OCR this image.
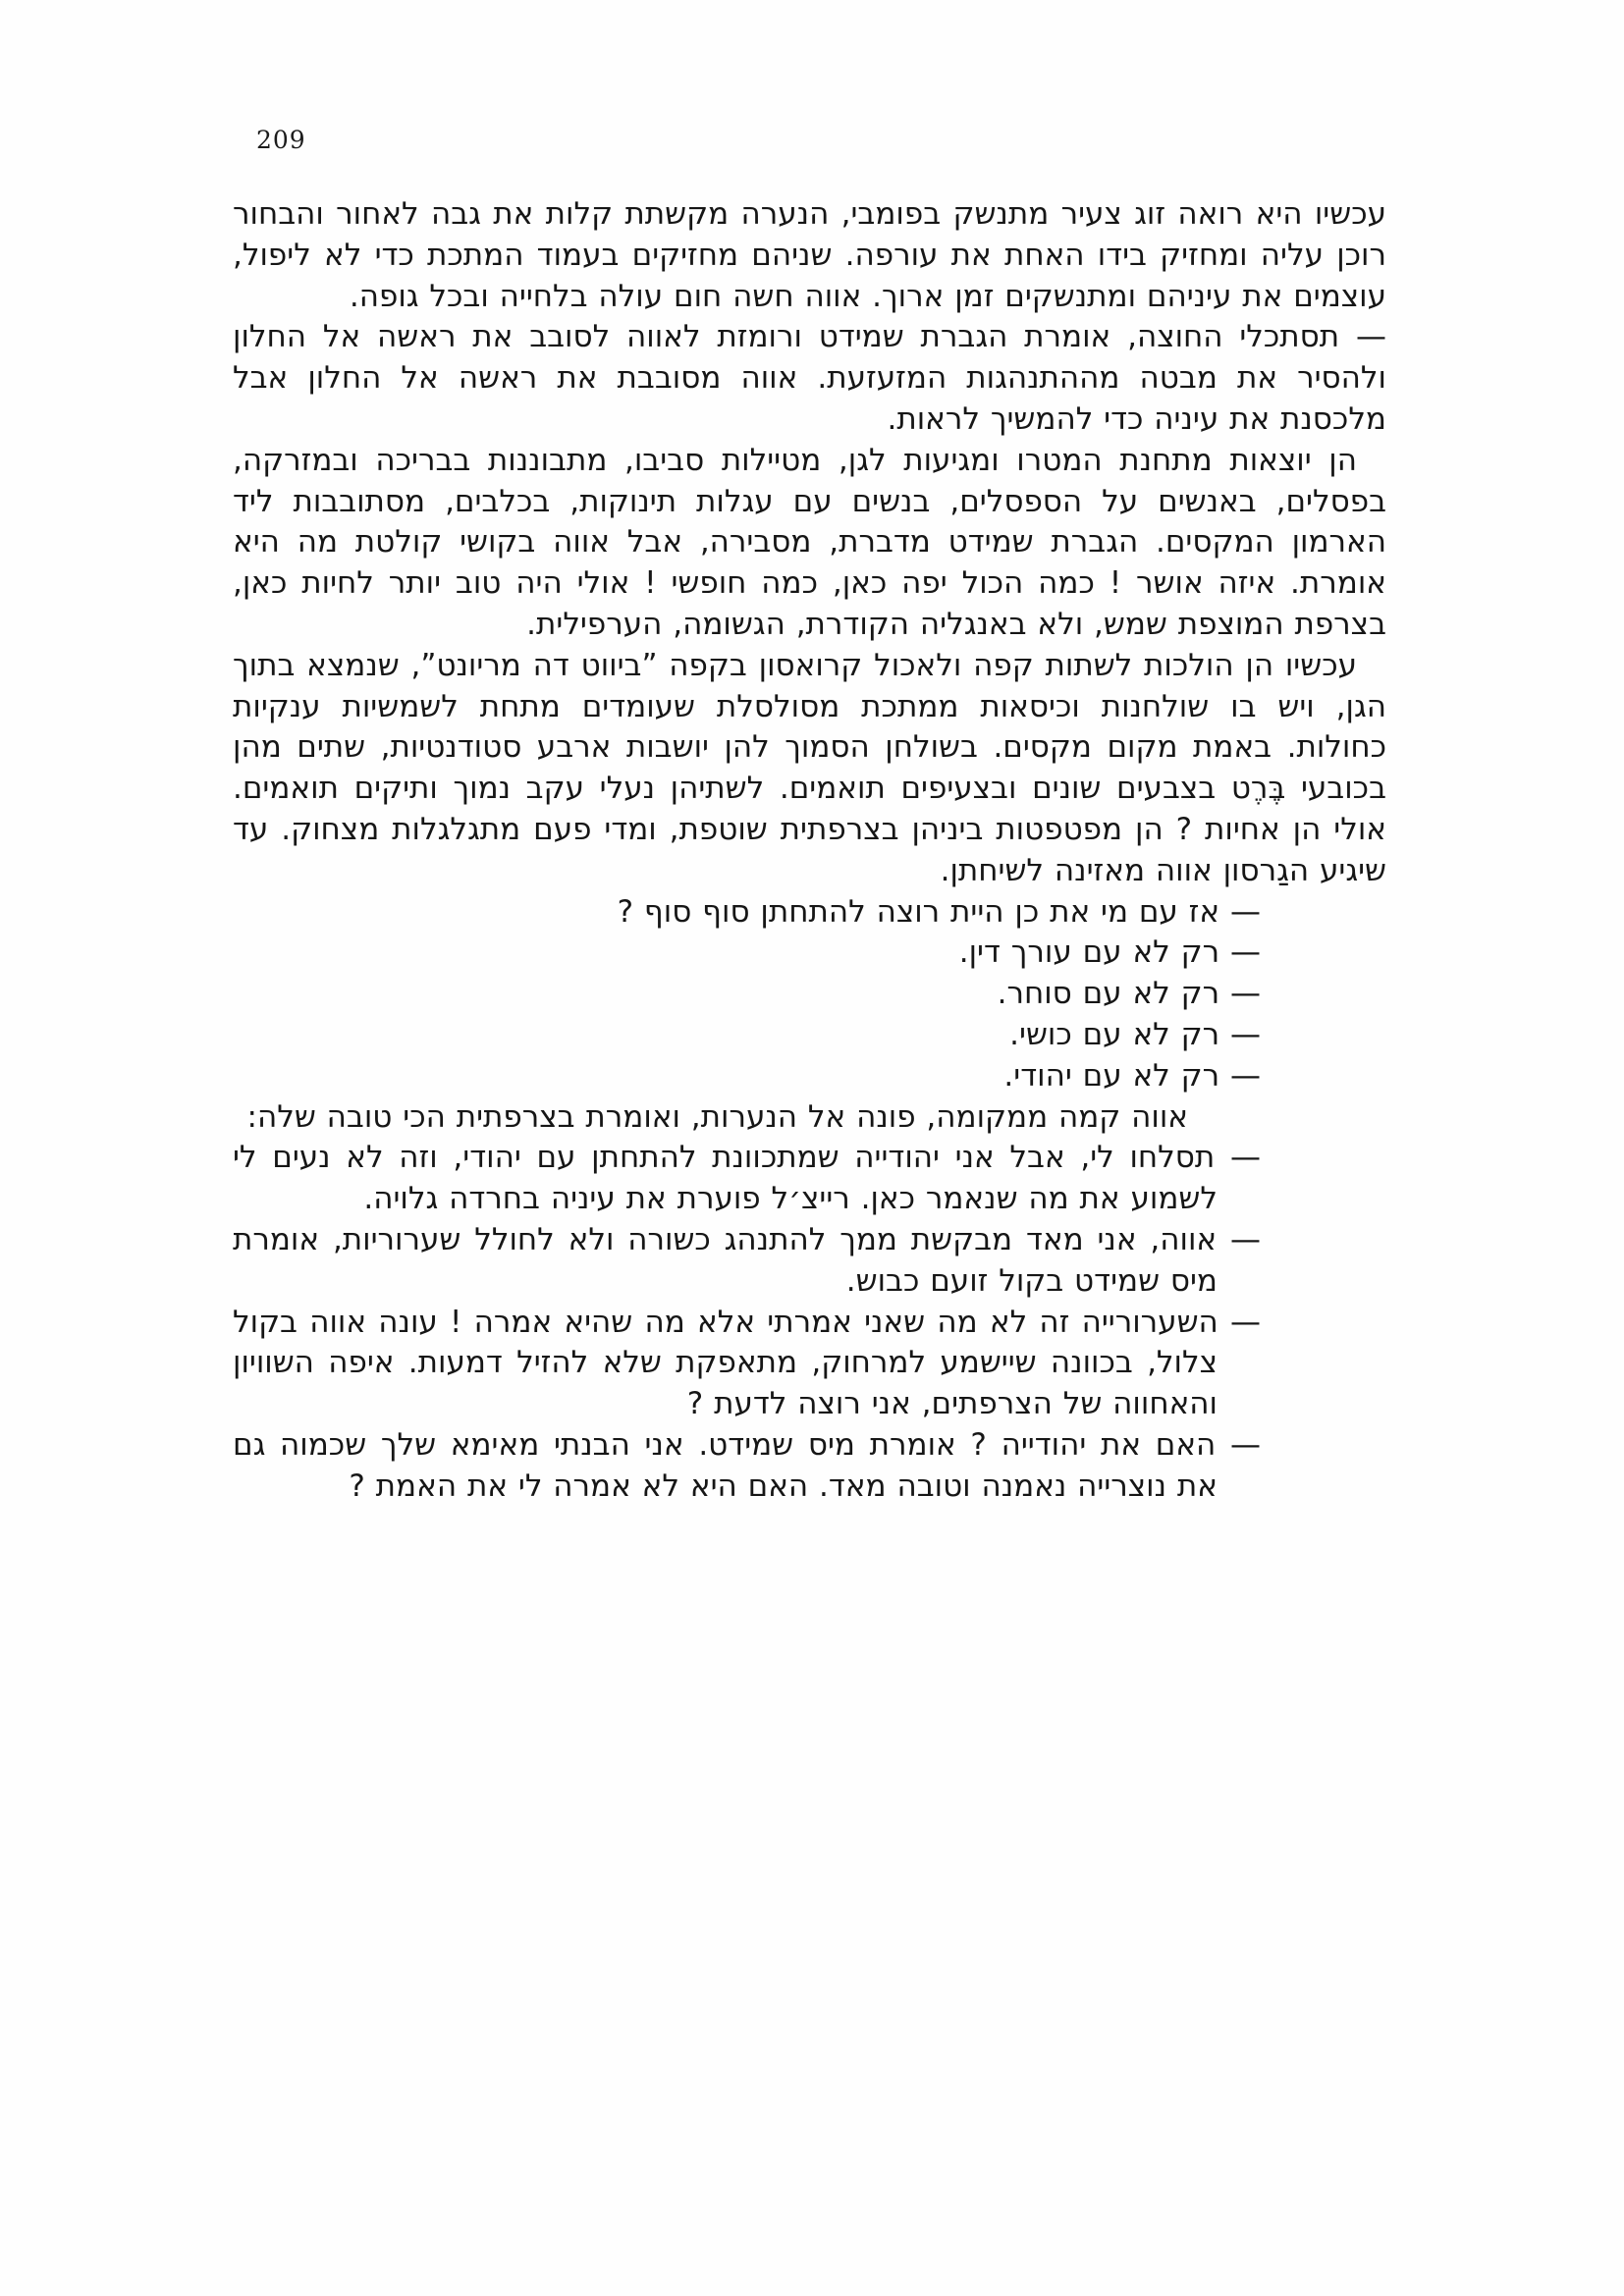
209

עכשיו היא רואה זוג צעיר מתנשק בפומבי, הנערה מקשתת קלות את גבה לאחור והבחור רוכן עליה ומחזיק בידו האחת את עורפה. שניהם מחזיקים בעמוד המתכת כדי לא ליפול, עוצמים את עיניהם ומתנשקים זמן ארוך. אווה חשה חום עולה בלחייה ובכל גופה.

— תסתכלי החוצה, אומרת הגברת שמידט ורומזת לאווה לסובב את ראשה אל החלון ולהסיר את מבטה מההתנהגות המזעזעת. אווה מסובבת את ראשה אל החלון אבל מלכסנת את עיניה כדי להמשיך לראות.

הן יוצאות מתחנת המטרו ומגיעות לגן, מטיילות סביבו, מתבוננות בבריכה ובמזרקה, בפסלים, באנשים על הספסלים, בנשים עם עגלות תינוקות, בכלבים, מסתובבות ליד הארמון המקסים. הגברת שמידט מדברת, מסבירה, אבל אווה בקושי קולטת מה היא אומרת. איזה אושר ! כמה הכול יפה כאן, כמה חופשי ! אולי היה טוב יותר לחיות כאן, בצרפת המוצפת שמש, ולא באנגליה הקודרת, הגשומה, הערפילית.

עכשיו הן הולכות לשתות קפה ולאכול קרואסון בקפה ”ביווט דה מריונט”, שנמצא בתוך הגן, ויש בו שולחנות וכיסאות ממתכת מסולסלת שעומדים מתחת לשמשיות ענקיות כחולות. באמת מקום מקסים. בשולחן הסמוך להן יושבות ארבע סטודנטיות, שתים מהן בכובעי בֶּרֶט בצבעים שונים ובצעיפים תואמים. לשתיהן נעלי עקב נמוך ותיקים תואמים. אולי הן אחיות ? הן מפטפטות ביניהן בצרפתית שוטפת, ומדי פעם מתגלגלות מצחוק. עד שיגיע הגַרסון אווה מאזינה לשיחתן.

— אז עם מי את כן היית רוצה להתחתן סוף סוף ?

— רק לא עם עורך דין.

— רק לא עם סוחר.

— רק לא עם כושי.

— רק לא עם יהודי.

אווה קמה ממקומה, פונה אל הנערות, ואומרת בצרפתית הכי טובה שלה:

— תסלחו לי, אבל אני יהודייה שמתכוונת להתחתן עם יהודי, וזה לא נעים לי לשמוע את מה שנאמר כאן. רייצ׳ל פוערת את עיניה בחרדה גלויה.

— אווה, אני מאד מבקשת ממך להתנהג כשורה ולא לחולל שערוריות, אומרת מיס שמידט בקול זועם כבוש.

— השערורייה זה לא מה שאני אמרתי אלא מה שהיא אמרה ! עונה אווה בקול צלול, בכוונה שיישמע למרחוק, מתאפקת שלא להזיל דמעות. איפה השוויון והאחווה של הצרפתים, אני רוצה לדעת ?

— האם את יהודייה ? אומרת מיס שמידט. אני הבנתי מאימא שלך שכמוה גם את נוצרייה נאמנה וטובה מאד. האם היא לא אמרה לי את האמת ?
